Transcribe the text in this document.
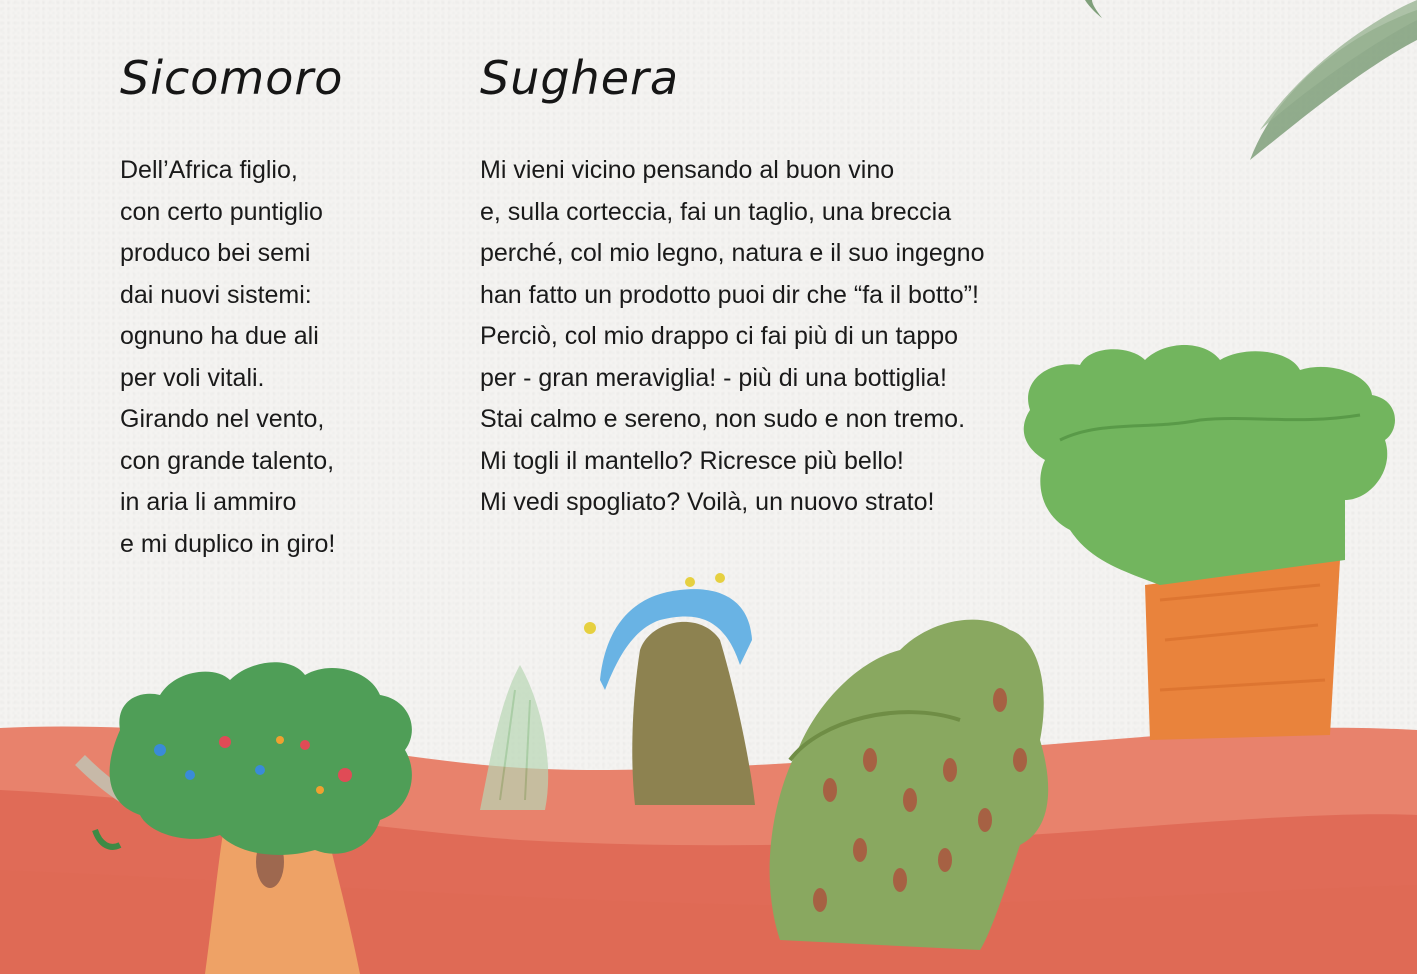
Sicomoro
Dell’Africa figlio,
con certo puntiglio
produco bei semi
dai nuovi sistemi:
ognuno ha due ali
per voli vitali.
Girando nel vento,
con grande talento,
in aria li ammiro
e mi duplico in giro!
Sughera
Mi vieni vicino pensando al buon vino
e, sulla corteccia, fai un taglio, una breccia
perché, col mio legno, natura e il suo ingegno
han fatto un prodotto puoi dir che “fa il botto”!
Perciò, col mio drappo ci fai più di un tappo
per - gran meraviglia! - più di una bottiglia!
Stai calmo e sereno, non sudo e non tremo.
Mi togli il mantello? Ricresce più bello!
Mi vedi spogliato? Voilà, un nuovo strato!
